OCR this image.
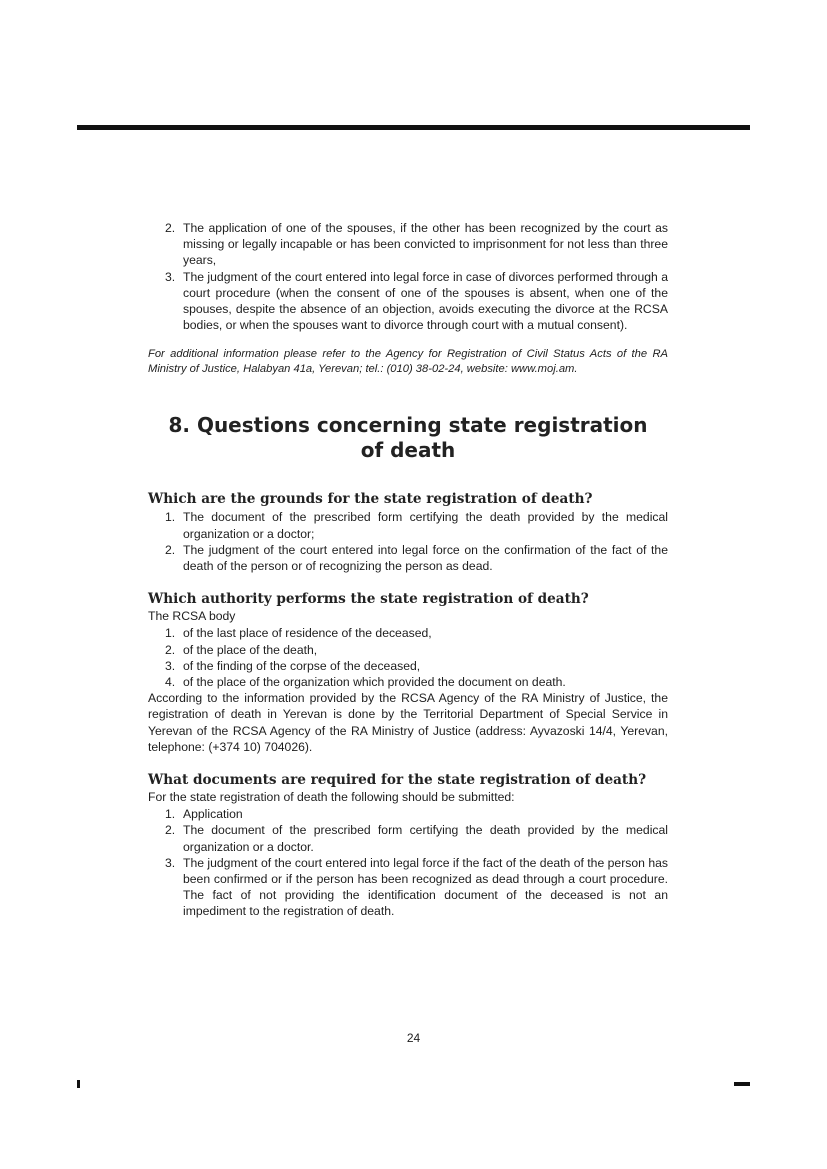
2. The application of one of the spouses, if the other has been recognized by the court as missing or legally incapable or has been convicted to imprisonment for not less than three years,
3. The judgment of the court entered into legal force in case of divorces performed through a court procedure (when the consent of one of the spouses is absent, when one of the spouses, despite the absence of an objection, avoids executing the divorce at the RCSA bodies, or when the spouses want to divorce through court with a mutual consent).

For additional information please refer to the Agency for Registration of Civil Status Acts of the RA Ministry of Justice, Halabyan 41a, Yerevan; tel.: (010) 38-02-24, website: www.moj.am.

8. Questions concerning state registration of death
Which are the grounds for the state registration of death?
1. The document of the prescribed form certifying the death provided by the medical organization or a doctor;
2. The judgment of the court entered into legal force on the confirmation of the fact of the death of the person or of recognizing the person as dead.
Which authority performs the state registration of death?

The RCSA body

1. of the last place of residence of the deceased,
2. of the place of the death,
3. of the finding of the corpse of the deceased,
4. of the place of the organization which provided the document on death.

According to the information provided by the RCSA Agency of the RA Ministry of Justice, the registration of death in Yerevan is done by the Territorial Department of Special Service in Yerevan of the RCSA Agency of the RA Ministry of Justice (address: Ayvazoski 14/4, Yerevan, telephone: (+374 10) 704026).

What documents are required for the state registration of death?

For the state registration of death the following should be submitted:

1. Application
2. The document of the prescribed form certifying the death provided by the medical organization or a doctor.
3. The judgment of the court entered into legal force if the fact of the death of the person has been confirmed or if the person has been recognized as dead through a court procedure. The fact of not providing the identification document of the deceased is not an impediment to the registration of death.
24
